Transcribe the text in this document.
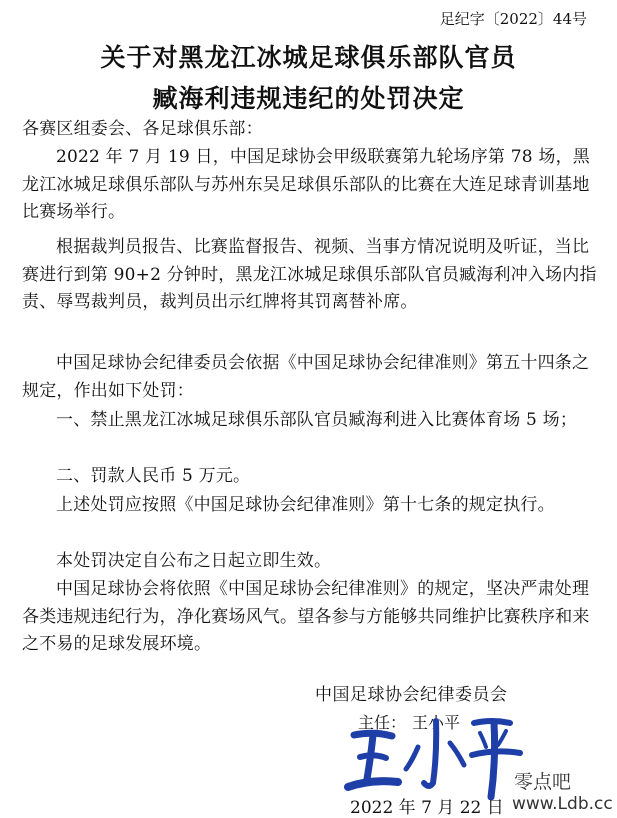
足纪字〔2022〕44号
关于对黑龙江冰城足球俱乐部队官员
臧海利违规违纪的处罚决定

各赛区组委会、各足球俱乐部：

2022 年 7 月 19 日，中国足球协会甲级联赛第九轮场序第 78 场，黑龙江冰城足球俱乐部队与苏州东吴足球俱乐部队的比赛在大连足球青训基地比赛场举行。

根据裁判员报告、比赛监督报告、视频、当事方情况说明及听证，当比赛进行到第 90+2 分钟时，黑龙江冰城足球俱乐部队官员臧海利冲入场内指责、辱骂裁判员，裁判员出示红牌将其罚离替补席。

中国足球协会纪律委员会依据《中国足球协会纪律准则》第五十四条之规定，作出如下处罚：

一、禁止黑龙江冰城足球俱乐部队官员臧海利进入比赛体育场 5 场；

二、罚款人民币 5 万元。

上述处罚应按照《中国足球协会纪律准则》第十七条的规定执行。

本处罚决定自公布之日起立即生效。

中国足球协会将依照《中国足球协会纪律准则》的规定，坚决严肃处理各类违规违纪行为，净化赛场风气。望各参与方能够共同维护比赛秩序和来之不易的足球发展环境。

中国足球协会纪律委员会
主任： 王小平
2022 年 7 月 22 日
零点吧
www.Ldb.cc
